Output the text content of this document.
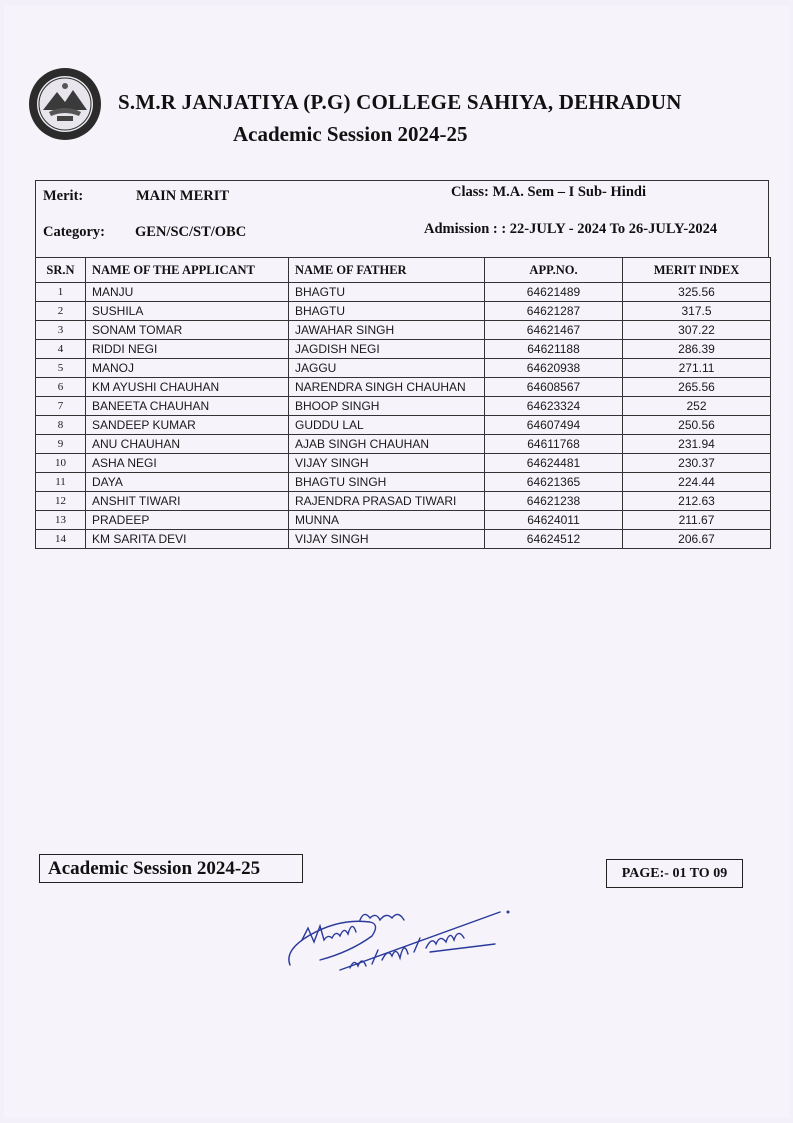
S.M.R JANJATIYA (P.G) COLLEGE SAHIYA, DEHRADUN
Academic Session 2024-25
Merit:	MAIN MERIT	Class: M.A. Sem – I Sub- Hindi
Category: GEN/SC/ST/OBC	Admission : : 22-JULY - 2024 To 26-JULY-2024
SR.N	NAME OF THE APPLICANT	NAME OF FATHER	APP.NO.	MERIT INDEX
1	MANJU	BHAGTU	64621489	325.56
2	SUSHILA	BHAGTU	64621287	317.5
3	SONAM TOMAR	JAWAHAR SINGH	64621467	307.22
4	RIDDI NEGI	JAGDISH NEGI	64621188	286.39
5	MANOJ	JAGGU	64620938	271.11
6	KM AYUSHI CHAUHAN	NARENDRA SINGH CHAUHAN	64608567	265.56
7	BANEETA CHAUHAN	BHOOP SINGH	64623324	252
8	SANDEEP KUMAR	GUDDU LAL	64607494	250.56
9	ANU CHAUHAN	AJAB SINGH CHAUHAN	64611768	231.94
10	ASHA NEGI	VIJAY SINGH	64624481	230.37
11	DAYA	BHAGTU SINGH	64621365	224.44
12	ANSHIT TIWARI	RAJENDRA PRASAD TIWARI	64621238	212.63
13	PRADEEP	MUNNA	64624011	211.67
14	KM SARITA DEVI	VIJAY SINGH	64624512	206.67
Academic Session 2024-25	PAGE:- 01 TO 09
